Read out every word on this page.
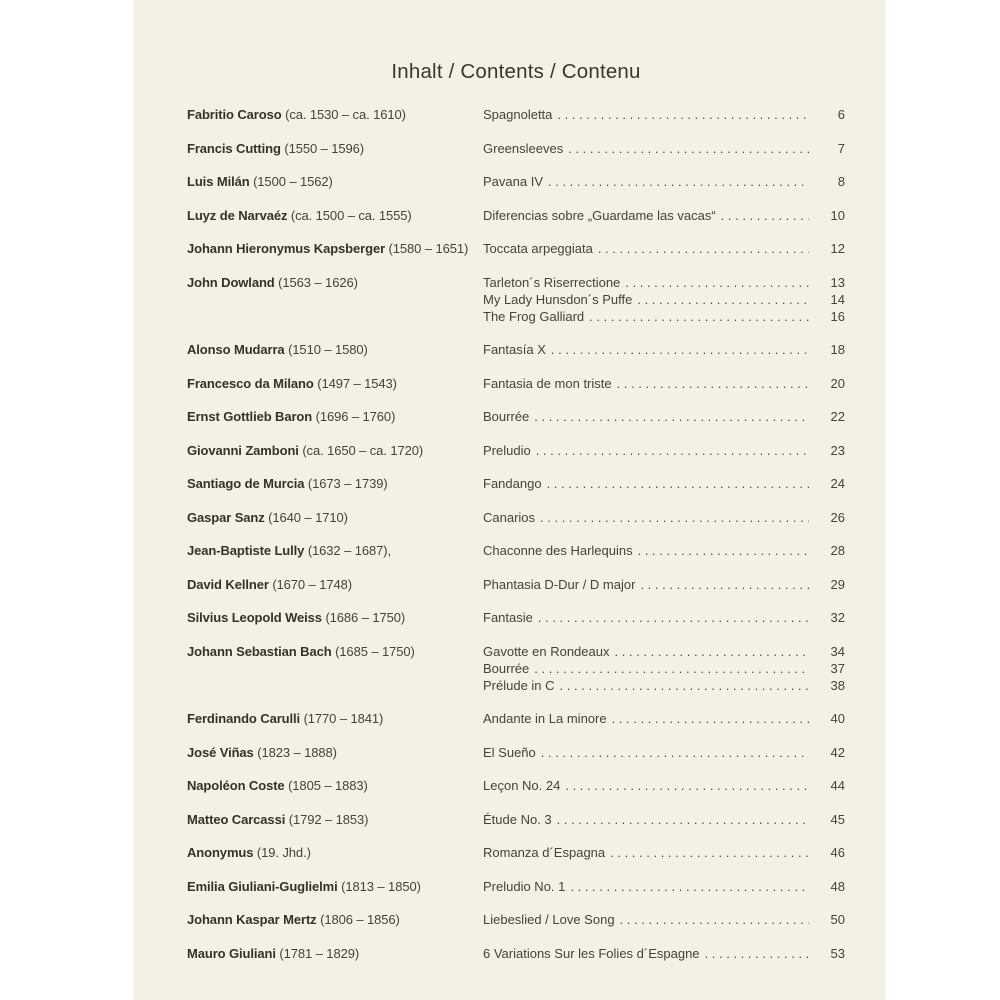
Inhalt / Contents / Contenu
Fabritio Caroso (ca. 1530 – ca. 1610)	Spagnoletta . . .	6
Francis Cutting (1550 – 1596)	Greensleeves . . .	7
Luis Milán (1500 – 1562)	Pavana IV . . .	8
Luyz de Narvaéz (ca. 1500 – ca. 1555)	Diferencias sobre „Guardame las vacas“ . . .	10
Johann Hieronymus Kapsberger (1580 – 1651)	Toccata arpeggiata . . .	12
John Dowland (1563 – 1626)	Tarleton´s Riserrectione . . .	13
My Lady Hunsdon´s Puffe . . .	14
The Frog Galliard . . .	16
Alonso Mudarra (1510 – 1580)	Fantasía X . . .	18
Francesco da Milano (1497 – 1543)	Fantasia de mon triste . . .	20
Ernst Gottlieb Baron (1696 – 1760)	Bourrée . . .	22
Giovanni Zamboni (ca. 1650 – ca. 1720)	Preludio . . .	23
Santiago de Murcia (1673 – 1739)	Fandango . . .	24
Gaspar Sanz (1640 – 1710)	Canarios . . .	26
Jean-Baptiste Lully (1632 – 1687),	Chaconne des Harlequins . . .	28
David Kellner (1670 – 1748)	Phantasia D-Dur / D major . . .	29
Silvius Leopold Weiss (1686 – 1750)	Fantasie . . .	32
Johann Sebastian Bach (1685 – 1750)	Gavotte en Rondeaux . . .	34
Bourrée . . .	37
Prélude in C . . .	38
Ferdinando Carulli (1770 – 1841)	Andante in La minore . . .	40
José Viñas (1823 – 1888)	El Sueño . . .	42
Napoléon Coste (1805 – 1883)	Leçon No. 24 . . .	44
Matteo Carcassi (1792 – 1853)	Étude No. 3 . . .	45
Anonymus (19. Jhd.)	Romanza d´Espagna . . .	46
Emilia Giuliani-Guglielmi (1813 – 1850)	Preludio No. 1 . . .	48
Johann Kaspar Mertz (1806 – 1856)	Liebeslied / Love Song . . .	50
Mauro Giuliani (1781 – 1829)	6 Variations Sur les Folies d´Espagne . . .	53
